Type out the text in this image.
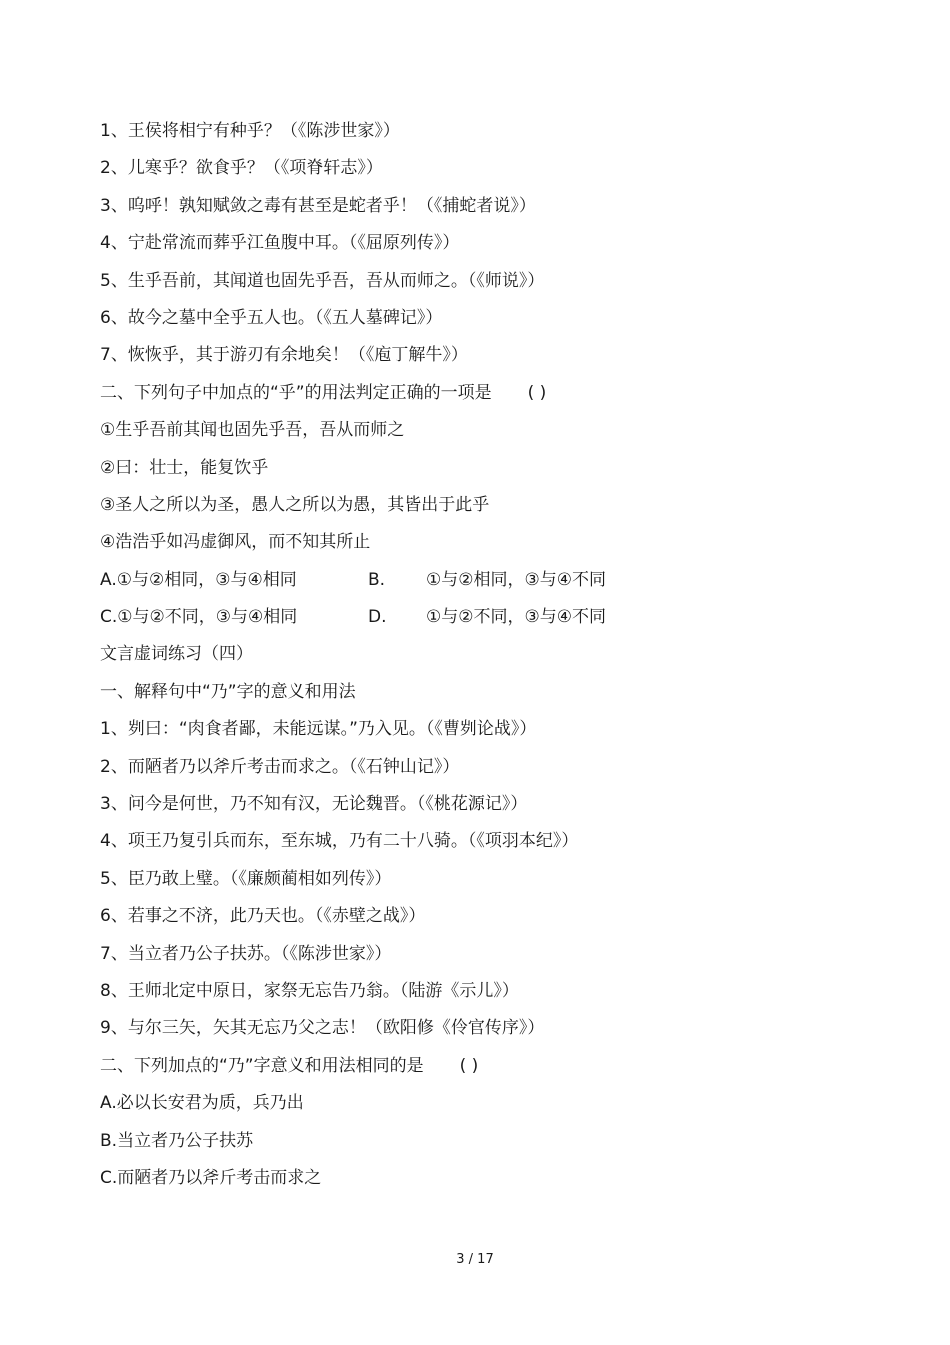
1、王侯将相宁有种乎？（《陈涉世家》）
2、儿寒乎？欲食乎？（《项脊轩志》）
3、呜呼！孰知赋敛之毒有甚至是蛇者乎！（《捕蛇者说》）
4、宁赴常流而葬乎江鱼腹中耳。（《屈原列传》）
5、生乎吾前，其闻道也固先乎吾，吾从而师之。（《师说》）
6、故今之墓中全乎五人也。（《五人墓碑记》）
7、恢恢乎，其于游刃有余地矣！（《庖丁解牛》）
二、下列句子中加点的“乎”的用法判定正确的一项是 ( )
①生乎吾前其闻也固先乎吾，吾从而师之
②曰：壮士，能复饮乎
③圣人之所以为圣，愚人之所以为愚，其皆出于此乎
④浩浩乎如冯虚御风，而不知其所止
A.①与②相同，③与④相同	B.	①与②相同，③与④不同
C.①与②不同，③与④相同	D.	①与②不同，③与④不同
文言虚词练习（四）
一、解释句中“乃”字的意义和用法
1、刿曰：“肉食者鄙，未能远谋。”乃入见。（《曹刿论战》）
2、而陋者乃以斧斤考击而求之。（《石钟山记》）
3、问今是何世，乃不知有汉，无论魏晋。（《桃花源记》）
4、项王乃复引兵而东，至东城，乃有二十八骑。（《项羽本纪》）
5、臣乃敢上璧。（《廉颇蔺相如列传》）
6、若事之不济，此乃天也。（《赤壁之战》）
7、当立者乃公子扶苏。（《陈涉世家》）
8、王师北定中原日，家祭无忘告乃翁。（陆游《示儿》）
9、与尔三矢，矢其无忘乃父之志！（欧阳修《伶官传序》）
二、下列加点的“乃”字意义和用法相同的是 ( )
A.必以长安君为质，兵乃出
B.当立者乃公子扶苏
C.而陋者乃以斧斤考击而求之
3 / 17
